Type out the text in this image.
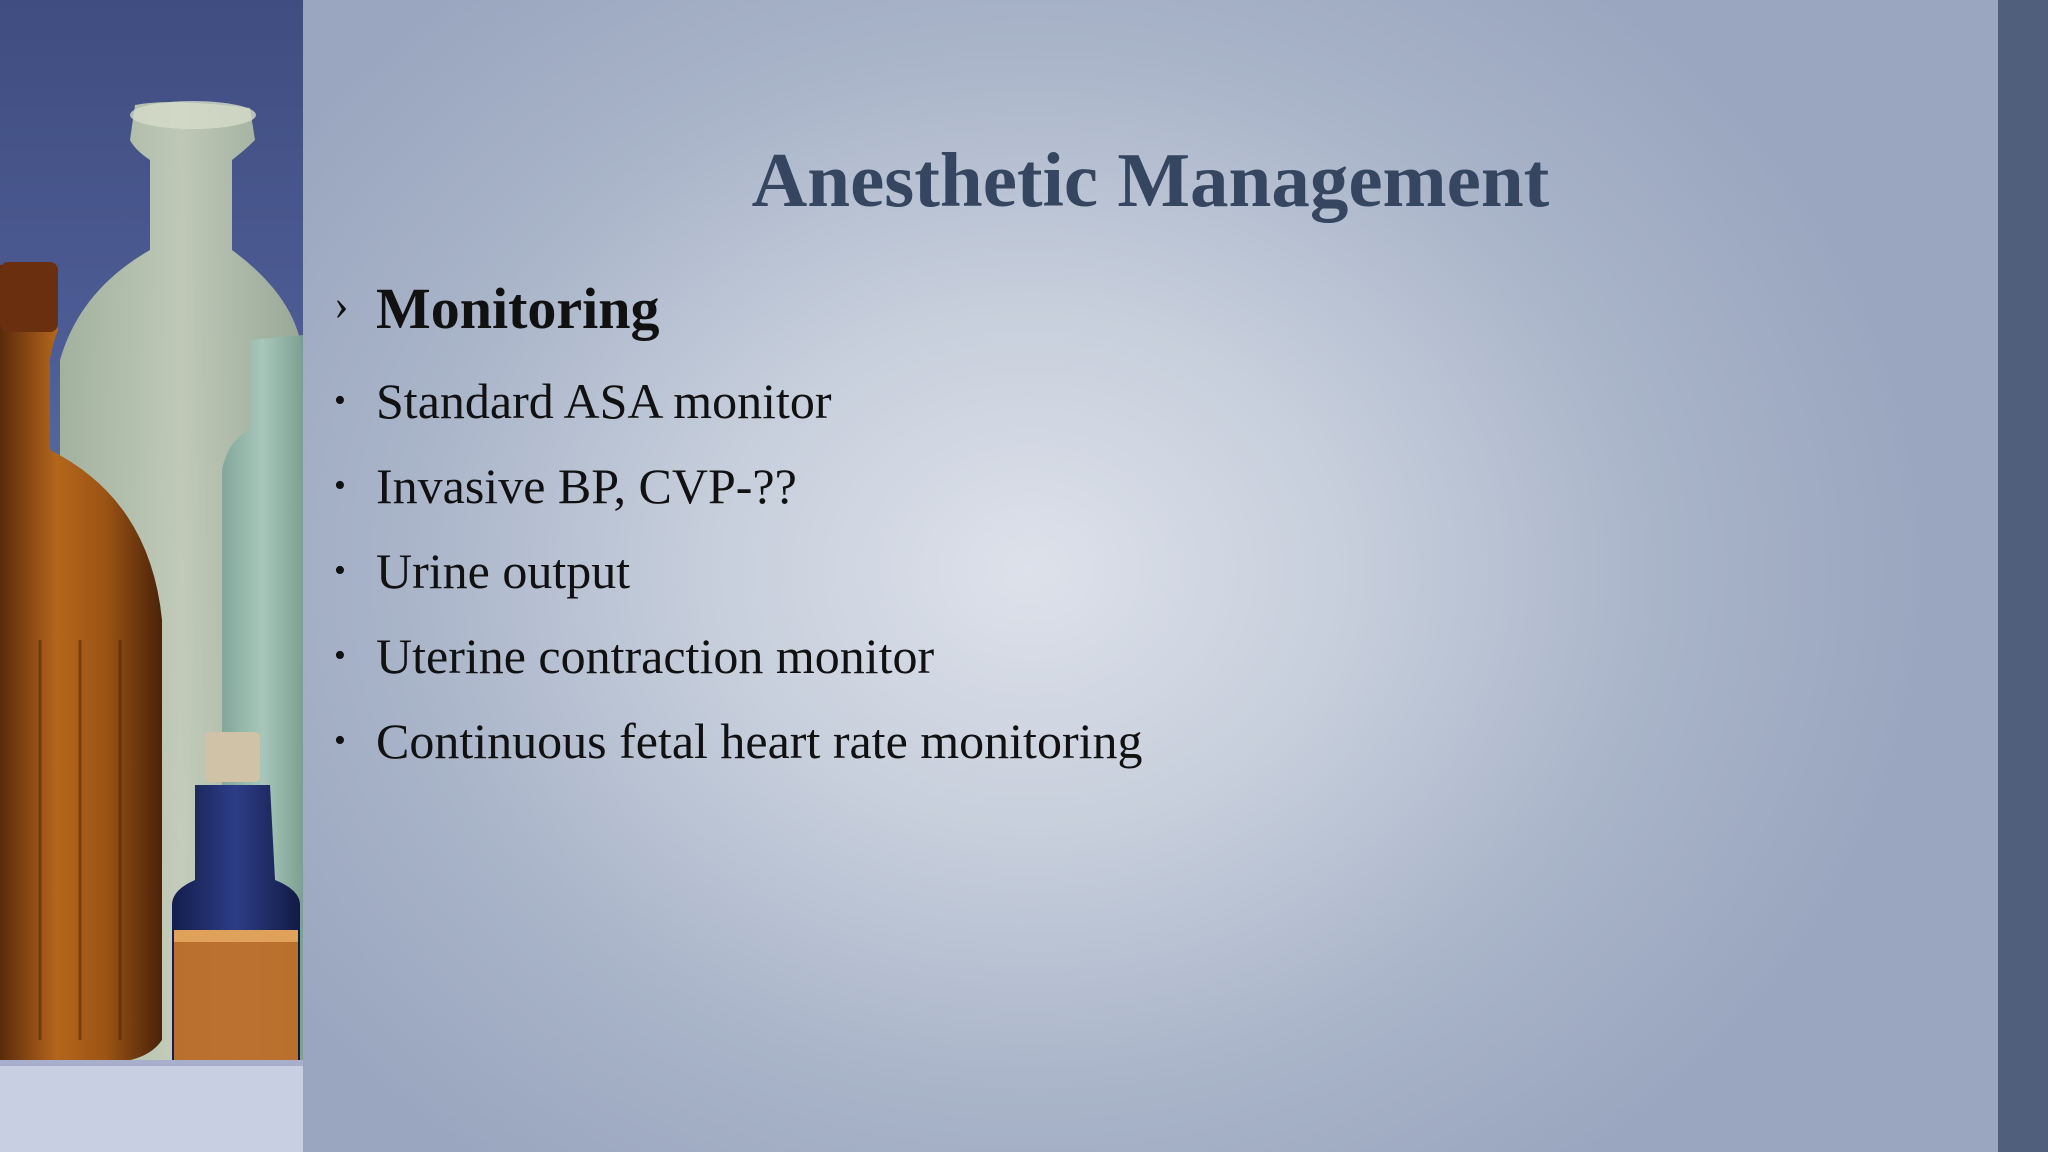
Anesthetic Management
› Monitoring
• Standard ASA monitor
• Invasive BP, CVP-??
• Urine output
• Uterine contraction monitor
• Continuous fetal heart rate monitoring
